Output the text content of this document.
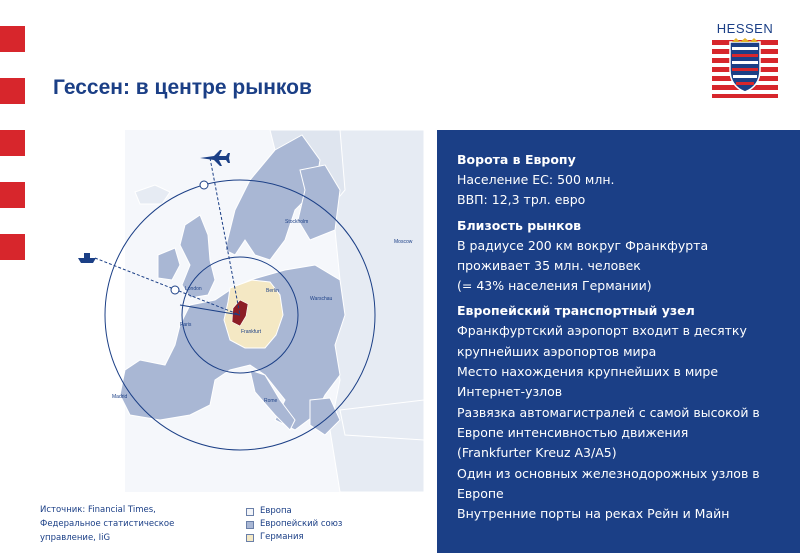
Гессен: в центре рынков
HESSEN
Frankfurt
Berlin
Paris
London
Madrid
Rome
Stockholm
Moscow
Warschau
Ворота в Европу
Население ЕС: 500 млн.
ВВП: 12,3 трл. евро
Близость рынков
В радиусе 200 км вокруг Франкфурта
проживает 35 млн. человек
(= 43% населения Германии)
Европейский транспортный узел
Франкфуртский аэропорт входит в десятку
крупнейших аэропортов мира
Место нахождения крупнейших в мире
Интернет-узлов
Развязка автомагистралей с самой высокой в
Европе интенсивностью движения
(Frankfurter Kreuz A3/A5)
Один из основных железнодорожных узлов в
Европе
Внутренние порты на реках Рейн и Майн
Источник: Financial Times,
Федеральное статистическое
управление, IiG
Европа
Европейский союз
Германия
